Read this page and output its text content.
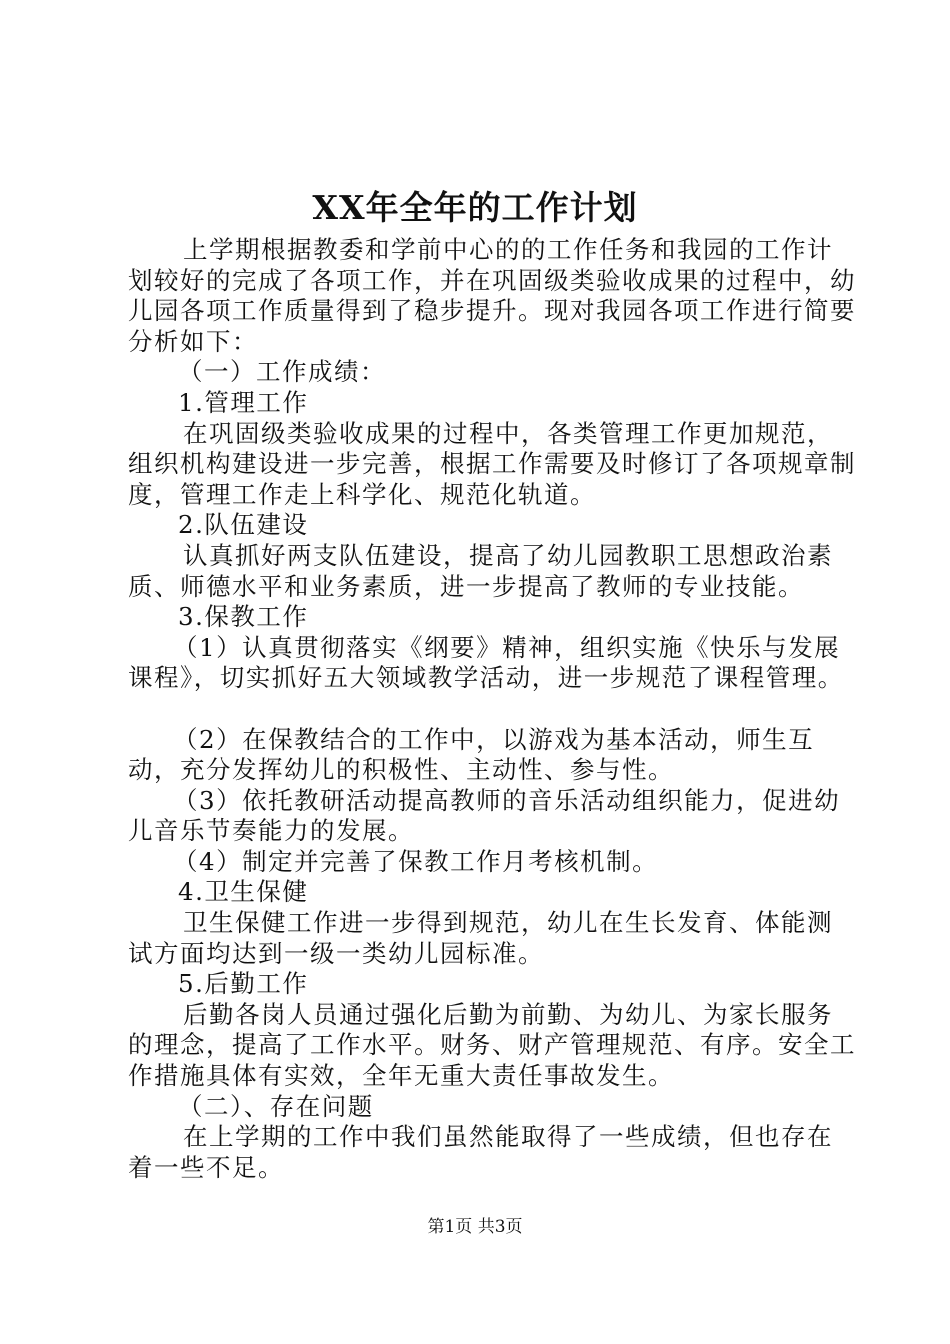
XX年全年的工作计划

上学期根据教委和学前中心的的工作任务和我园的工作计划较好的完成了各项工作，并在巩固级类验收成果的过程中，幼儿园各项工作质量得到了稳步提升。现对我园各项工作进行简要分析如下：

（一）工作成绩：

1.管理工作

在巩固级类验收成果的过程中，各类管理工作更加规范，组织机构建设进一步完善，根据工作需要及时修订了各项规章制度，管理工作走上科学化、规范化轨道。

2.队伍建设

认真抓好两支队伍建设，提高了幼儿园教职工思想政治素质、师德水平和业务素质，进一步提高了教师的专业技能。

3.保教工作

（1）认真贯彻落实《纲要》精神，组织实施《快乐与发展课程》，切实抓好五大领域教学活动，进一步规范了课程管理。

（2）在保教结合的工作中，以游戏为基本活动，师生互动，充分发挥幼儿的积极性、主动性、参与性。

（3）依托教研活动提高教师的音乐活动组织能力，促进幼儿音乐节奏能力的发展。

（4）制定并完善了保教工作月考核机制。

4.卫生保健

卫生保健工作进一步得到规范，幼儿在生长发育、体能测试方面均达到一级一类幼儿园标准。

5.后勤工作

后勤各岗人员通过强化后勤为前勤、为幼儿、为家长服务的理念，提高了工作水平。财务、财产管理规范、有序。安全工作措施具体有实效，全年无重大责任事故发生。

（二）、存在问题

在上学期的工作中我们虽然能取得了一些成绩，但也存在着一些不足。

第1页 共3页
